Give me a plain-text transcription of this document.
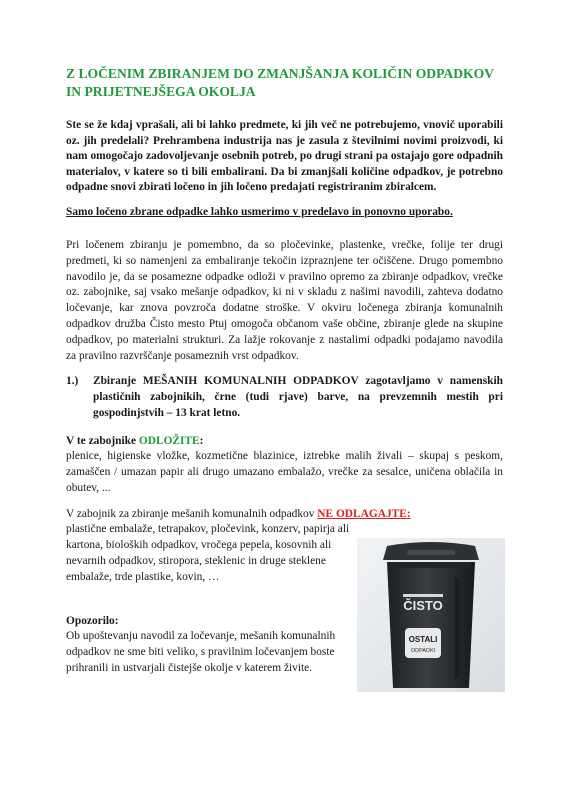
Z LOČENIM ZBIRANJEM DO ZMANJŠANJA KOLIČIN ODPADKOV
IN PRIJETNEJŠEGA OKOLJA
Ste se že kdaj vprašali, ali bi lahko predmete, ki jih več ne potrebujemo, vnovič uporabili oz. jih predelali? Prehrambena industrija nas je zasula z številnimi novimi proizvodi, ki nam omogočajo zadovoljevanje osebnih potreb, po drugi strani pa ostajajo gore odpadnih materialov, v katere so ti bili embalirani. Da bi zmanjšali količine odpadkov, je potrebno odpadne snovi zbirati ločeno in jih ločeno predajati registriranim zbiralcem.
Samo ločeno zbrane odpadke lahko usmerimo v predelavo in ponovno uporabo.
Pri ločenem zbiranju je pomembno, da so pločevinke, plastenke, vrečke, folije ter drugi predmeti, ki so namenjeni za embaliranje tekočin izpraznjene ter očiščene. Drugo pomembno navodilo je, da se posamezne odpadke odloži v pravilno opremo za zbiranje odpadkov, vrečke oz. zabojnike, saj vsako mešanje odpadkov, ki ni v skladu z našimi navodili, zahteva dodatno ločevanje, kar znova povzroča dodatne stroške. V okviru ločenega zbiranja komunalnih odpadkov družba Čisto mesto Ptuj omogoča občanom vaše občine, zbiranje glede na skupine odpadkov, po materialni strukturi. Za lažje rokovanje z nastalimi odpadki podajamo navodila za pravilno razvrščanje posameznih vrst odpadkov.
1.) Zbiranje MEŠANIH KOMUNALNIH ODPADKOV zagotavljamo v namenskih plastičnih zabojnikih, črne (tudi rjave) barve, na prevzemnih mestih pri gospodinjstvih – 13 krat letno.
V te zabojnike ODLOŽITE:
plenice, higienske vložke, kozmetične blazinice, iztrebke malih živali – skupaj s peskom, zamaščen / umazan papir ali drugo umazano embalažo, vrečke za sesalce, uničena oblačila in obutev, ...
V zabojnik za zbiranje mešanih komunalnih odpadkov NE ODLAGAJTE:
plastične embalaže, tetrapakov, pločevink, konzerv, papirja ali kartona, bioloških odpadkov, vročega pepela, kosovnih ali nevarnih odpadkov, stiropora, steklenic in druge steklene embalaže, trde plastike, kovin, …
Opozorilo:
Ob upoštevanju navodil za ločevanje, mešanih komunalnih odpadkov ne sme biti veliko, s pravilnim ločevanjem boste prihranili in ustvarjali čistejše okolje v katerem živite.
ČISTO
OSTALI
ODPADKI
